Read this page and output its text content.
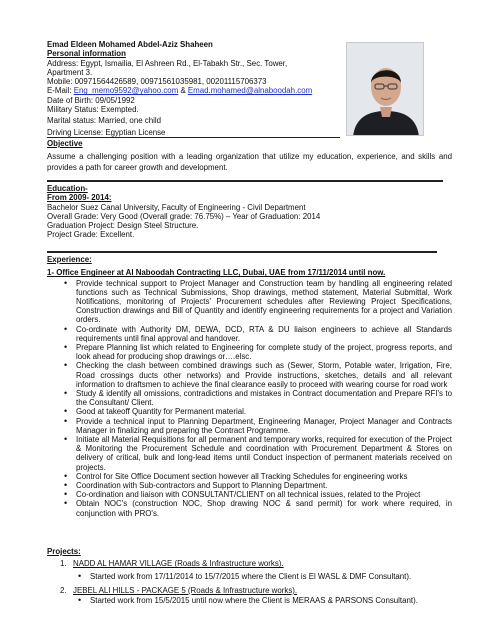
Emad Eldeen Mohamed Abdel-Aziz Shaheen
Personal information
Address: Egypt, Ismailia, El Ashreen Rd., El-Tabakh Str., Sec. Tower,
Apartment 3.
Mobile: 00971564426589, 00971561035981, 00201115706373
E-Mail: Eng_memo9592@yahoo.com & Emad.mohamed@alnaboodah.com
Date of Birth: 09/05/1992
Military Status: Exempted.
Marital status: Married, one child
Driving License: Egyptian License
Objective
Assume a challenging position with a leading organization that utilize my education, experience, and skills and provides a path for career growth and development.
Education-
From 2009- 2014:
Bachelor Suez Canal University, Faculty of Engineering - Civil Department
Overall Grade: Very Good (Overall grade: 76.75%) – Year of Graduation: 2014
Graduation Project: Design Steel Structure.
Project Grade: Excellent.
Experience:
1- Office Engineer at Al Naboodah Contracting LLC, Dubai, UAE from 17/11/2014 until now.
• Provide technical support to Project Manager and Construction team by handling all engineering related functions such as Technical Submissions, Shop drawings, method statement, Material Submittal, Work Notifications, monitoring of Projects' Procurement schedules after Reviewing Project Specifications, Construction drawings and Bill of Quantity and identify engineering requirements for a project and Variation orders.
• Co-ordinate with Authority DM, DEWA, DCD, RTA & DU liaison engineers to achieve all Standards requirements until final approval and handover.
• Prepare Planning list which related to Engineering for complete study of the project, progress reports, and look ahead for producing shop drawings or….elsc.
• Checking the clash between combined drawings such as (Sewer, Storm, Potable water, Irrigation, Fire, Road crossings ducts other networks) and Provide instructions, sketches, details and all relevant information to draftsmen to achieve the final clearance easily to proceed with wearing course for road work
• Study & identify all omissions, contradictions and mistakes in Contract documentation and Prepare RFI's to the Consultant/ Client.
• Good at takeoff Quantity for Permanent material.
• Provide a technical input to Planning Department, Engineering Manager, Project Manager and Contracts Manager in finalizing and preparing the Contract Programme.
• Initiate all Material Requisitions for all permanent and temporary works, required for execution of the Project & Monitoring the Procurement Schedule and coordination with Procurement Department & Stores on delivery of critical, bulk and long-lead items until Conduct inspection of permanent materials received on projects.
• Control for Site Office Document section however all Tracking Schedules for engineering works
• Coordination with Sub-contractors and Support to Planning Department.
• Co-ordination and liaison with CONSULTANT/CLIENT on all technical issues, related to the Project
• Obtain NOC's (construction NOC, Shop drawing NOC & sand permit) for work where required, in conjunction with PRO's.
Projects:
1. NADD AL HAMAR VILLAGE (Roads & Infrastructure works).
• Started work from 17/11/2014 to 15/7/2015 where the Client is El WASL & DMF Consultant).
2. JEBEL ALI HILLS - PACKAGE 5 (Roads & Infrastructure works).
• Started work from 15/5/2015 until now where the Client is MERAAS & PARSONS Consultant).
